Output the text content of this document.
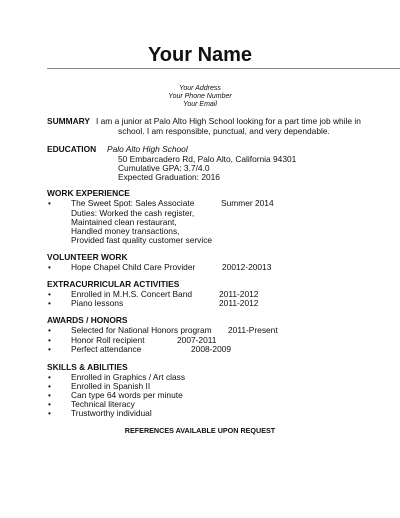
Your Name
Your Address
Your Phone Number
Your Email
SUMMARY I am a junior at Palo Alto High School looking for a part time job while in
school. I am responsible, punctual, and very dependable.
EDUCATION Palo Alto High School
50 Embarcadero Rd, Palo Alto, California 94301
Cumulative GPA: 3.7/4.0
Expected Graduation: 2016
WORK EXPERIENCE
• The Sweet Spot: Sales Associate	Summer 2014
Duties: Worked the cash register,
Maintained clean restaurant,
Handled money transactions,
Provided fast quality customer service
VOLUNTEER WORK
• Hope Chapel Child Care Provider	20012-20013
EXTRACURRICULAR ACTIVITIES
• Enrolled in M.H.S. Concert Band	2011-2012
• Piano lessons	2011-2012
AWARDS / HONORS
• Selected for National Honors program 2011-Present
• Honor Roll recipient	2007-2011
• Perfect attendance	2008-2009
SKILLS & ABILITIES
• Enrolled in Graphics / Art class
• Enrolled in Spanish II
• Can type 64 words per minute
• Technical literacy
• Trustworthy individual
REFERENCES AVAILABLE UPON REQUEST
